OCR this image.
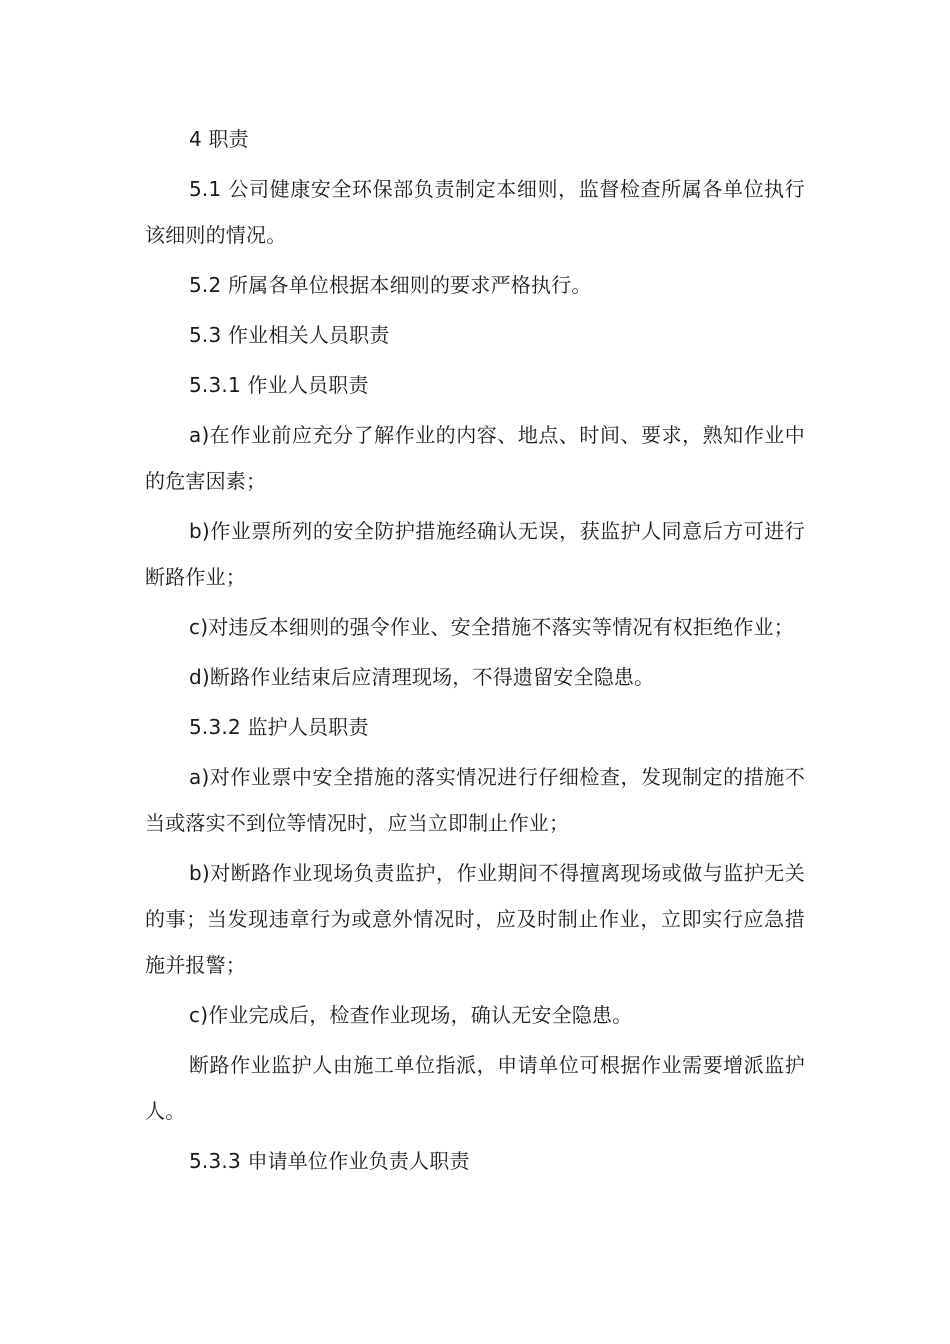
4 职责

5.1 公司健康安全环保部负责制定本细则，监督检查所属各单位执行该细则的情况。

5.2 所属各单位根据本细则的要求严格执行。

5.3 作业相关人员职责

5.3.1 作业人员职责

a)在作业前应充分了解作业的内容、地点、时间、要求，熟知作业中的危害因素；

b)作业票所列的安全防护措施经确认无误，获监护人同意后方可进行断路作业；

c)对违反本细则的强令作业、安全措施不落实等情况有权拒绝作业；

d)断路作业结束后应清理现场，不得遗留安全隐患。

5.3.2 监护人员职责

a)对作业票中安全措施的落实情况进行仔细检查，发现制定的措施不当或落实不到位等情况时，应当立即制止作业；

b)对断路作业现场负责监护，作业期间不得擅离现场或做与监护无关的事；当发现违章行为或意外情况时，应及时制止作业，立即实行应急措施并报警；

c)作业完成后，检查作业现场，确认无安全隐患。

断路作业监护人由施工单位指派，申请单位可根据作业需要增派监护人。

5.3.3 申请单位作业负责人职责
